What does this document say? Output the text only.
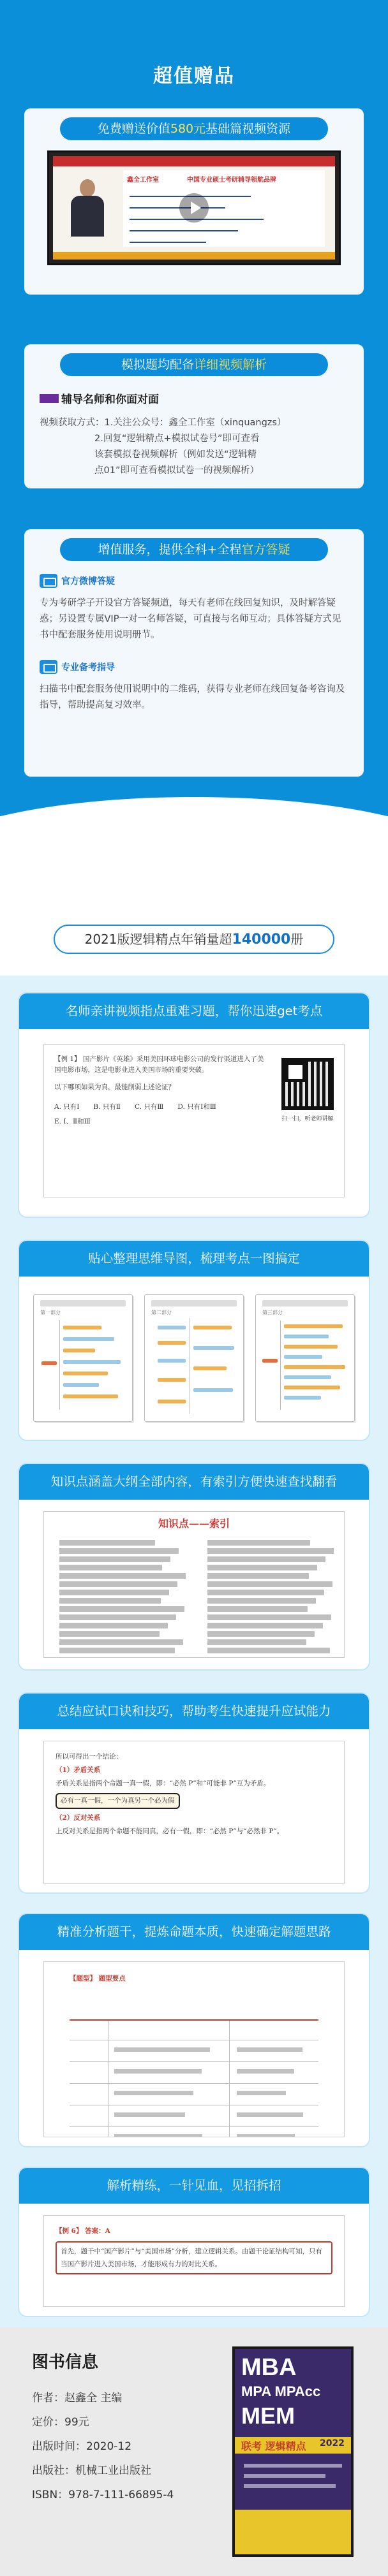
超值赠品
免费赠送价值580元基础篇视频资源
鑫全工作室	中国专业硕士考研辅导领航品牌
模拟题均配备详细视频解析
辅导名师和你面对面
视频获取方式：1.关注公众号：鑫全工作室（xinquangzs）
2.回复“逻辑精点+模拟试卷号”即可查看
该套模拟卷视频解析（例如发送“逻辑精
点01”即可查看模拟试卷一的视频解析）
增值服务，提供全科+全程官方答疑
官方微博答疑
专为考研学子开设官方答疑频道，每天有老师在线回复知识，及时解答疑惑；另设置专属VIP一对一名师答疑，可直接与名师互动；具体答疑方式见书中配套服务使用说明册节。
专业备考指导
扫描书中配套服务使用说明中的二维码，获得专业老师在线回复备考咨询及指导，帮助提高复习效率。
2021版逻辑精点年销量超140000册
名师亲讲视频指点重难习题，帮你迅速get考点
【例 1】 国产影片《英雄》采用美国环球电影公司的发行渠道进入了美国电影市场，这是电影业进入美国市场的重要突破。
以下哪项如果为真，最能削弱上述论证？
A. 只有Ⅰ B. 只有Ⅱ C. 只有Ⅲ D. 只有Ⅰ和Ⅲ
E. Ⅰ、Ⅱ和Ⅲ	扫一扫，听老师讲解
贴心整理思维导图，梳理考点一图搞定
第一部分	第二部分	第三部分
知识点涵盖大纲全部内容，有索引方便快速查找翻看
知识点——索引
总结应试口诀和技巧，帮助考生快速提升应试能力
所以可得出一个结论：
（1）矛盾关系
矛盾关系是指两个命题一真一假，即：“必然 P”和“可能非 P”互为矛盾。
必有一真一假，一个为真另一个必为假
（2）反对关系
上反对关系是指两个命题不能同真，必有一假，即：“必然 P”与“必然非 P”。
精准分析题干，提炼命题本质，快速确定解题思路
【题型】 题型要点
解析精练，一针见血，见招拆招
【例 6】 答案：A
首先，题干中“国产影片”与“美国市场”分析，建立逻辑关系。由题干论证结构可知，只有当国产影片进入美国市场，才能形成有力的对比关系。
图书信息
作者：赵鑫全 主编
定价：99元
出版时间：2020-12
出版社：机械工业出版社
ISBN：978-7-111-66895-4
MBA
MPA MPAcc
MEM
联考 逻辑精点 2022
